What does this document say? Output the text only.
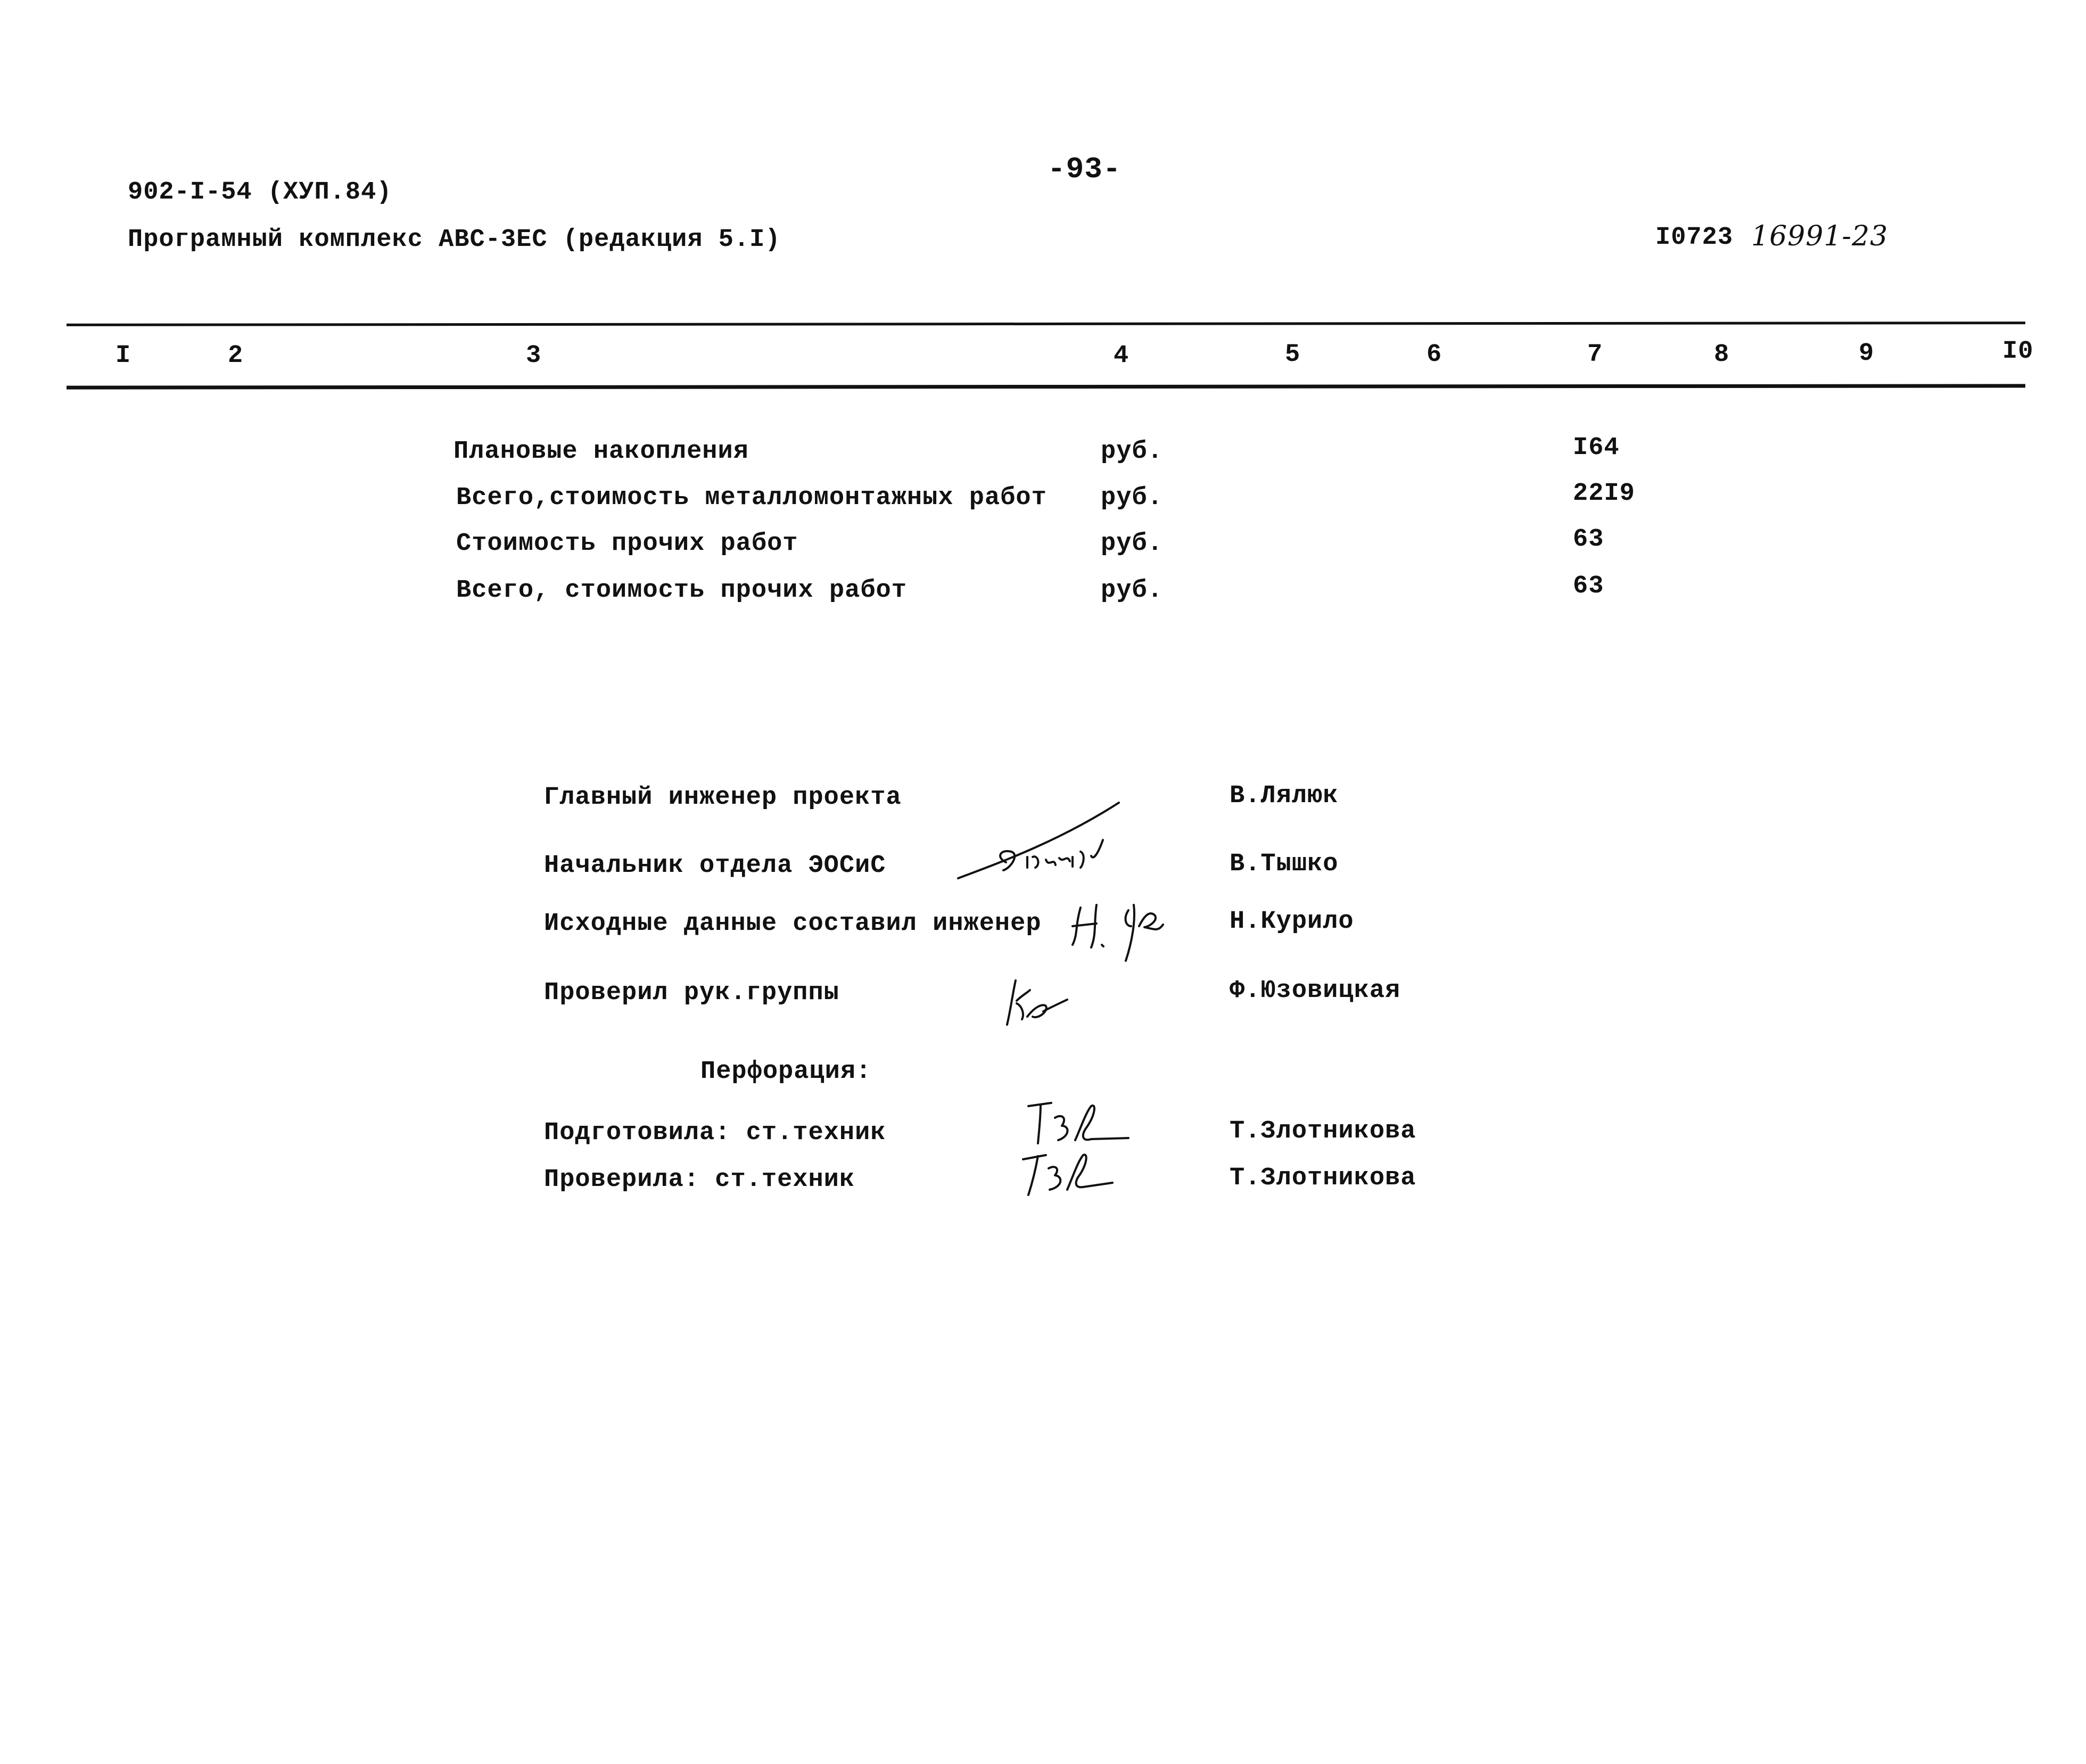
902-I-54 (ХУП.84)
Програмный комплекс АВС-3ЕС (редакция 5.I)
-93-
I0723 16991-23
I	2	3	4	5	6	7	8	9	I0
Плановые накопления	руб.	I64
Всего,стоимость металломонтажных работ руб.	22I9
Стоимость прочих работ	руб.	63
Всего, стоимость прочих работ	руб.	63
Главный инженер проекта	В.Лялюк
Начальник отдела ЭОСиС	В.Тышко
Исходные данные составил инженер	Н.Курило
Проверил рук.группы	Ф.Юзовицкая
Перфорация:
Подготовила: ст.техник	Т.Злотникова
Проверила: ст.техник	Т.Злотникова
